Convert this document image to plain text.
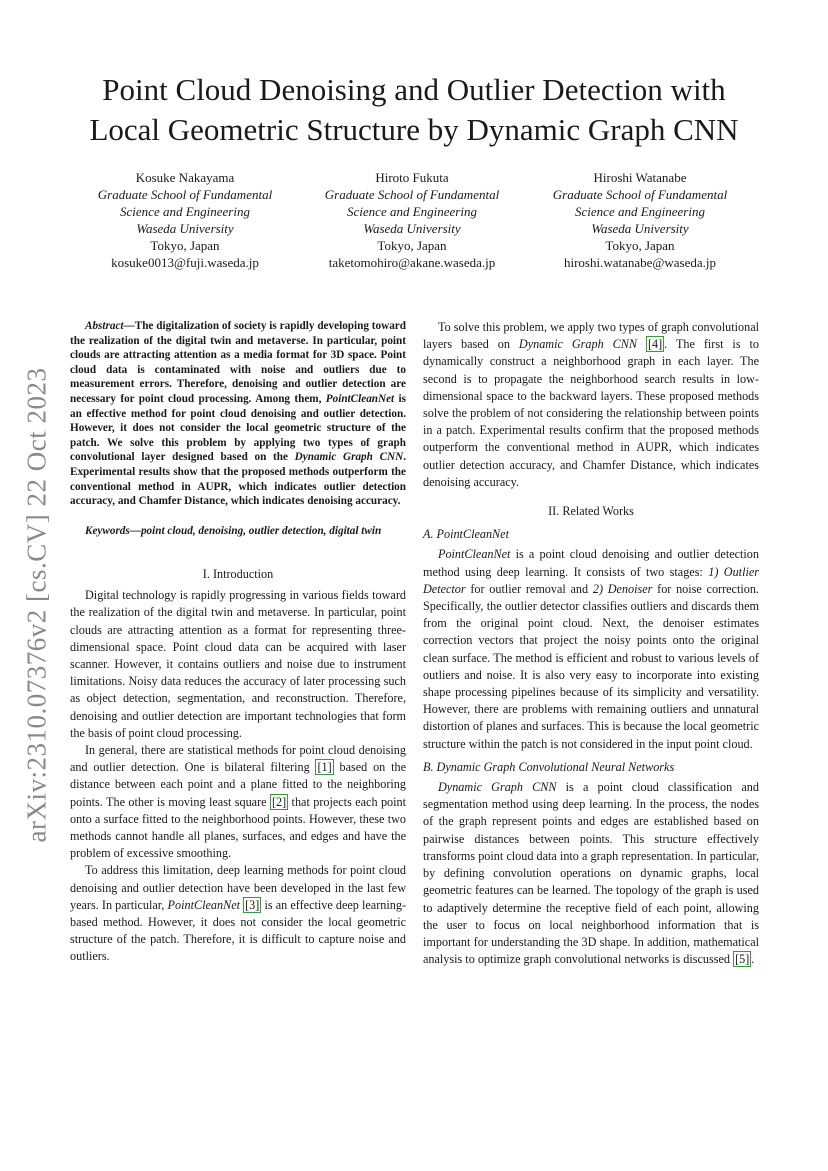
Point Cloud Denoising and Outlier Detection with
Local Geometric Structure by Dynamic Graph CNN
Kosuke Nakayama
Graduate School of Fundamental
Science and Engineering
Waseda University
Tokyo, Japan
kosuke0013@fuji.waseda.jp
Hiroto Fukuta
Graduate School of Fundamental
Science and Engineering
Waseda University
Tokyo, Japan
taketomohiro@akane.waseda.jp
Hiroshi Watanabe
Graduate School of Fundamental
Science and Engineering
Waseda University
Tokyo, Japan
hiroshi.watanabe@waseda.jp
arXiv:2310.07376v2 [cs.CV] 22 Oct 2023

Abstract—The digitalization of society is rapidly developing toward the realization of the digital twin and metaverse. In particular, point clouds are attracting attention as a media format for 3D space. Point cloud data is contaminated with noise and outliers due to measurement errors. Therefore, denoising and outlier detection are necessary for point cloud processing. Among them, PointCleanNet is an effective method for point cloud denoising and outlier detection. However, it does not consider the local geometric structure of the patch. We solve this problem by applying two types of graph convolutional layer designed based on the Dynamic Graph CNN. Experimental results show that the proposed methods outperform the conventional method in AUPR, which indicates outlier detection accuracy, and Chamfer Distance, which indicates denoising accuracy.

Keywords—point cloud, denoising, outlier detection, digital twin

I. Introduction

Digital technology is rapidly progressing in various fields toward the realization of the digital twin and metaverse. In particular, point clouds are attracting attention as a format for representing three-dimensional space. Point cloud data can be acquired with laser scanner. However, it contains outliers and noise due to instrument limitations. Noisy data reduces the accuracy of later processing such as object detection, segmentation, and reconstruction. Therefore, denoising and outlier detection are important technologies that form the basis of point cloud processing.

In general, there are statistical methods for point cloud denoising and outlier detection. One is bilateral filtering [1] based on the distance between each point and a plane fitted to the neighboring points. The other is moving least square [2] that projects each point onto a surface fitted to the neighborhood points. However, these two methods cannot handle all planes, surfaces, and edges and have the problem of excessive smoothing.

To address this limitation, deep learning methods for point cloud denoising and outlier detection have been developed in the last few years. In particular, PointCleanNet [3] is an effective deep learning-based method. However, it does not consider the local geometric structure of the patch. Therefore, it is difficult to capture noise and outliers.

To solve this problem, we apply two types of graph convolutional layers based on Dynamic Graph CNN [4] . The first is to dynamically construct a neighborhood graph in each layer. The second is to propagate the neighborhood search results in low-dimensional space to the backward layers. These proposed methods solve the problem of not considering the relationship between points in a patch. Experimental results confirm that the proposed methods outperform the conventional method in AUPR, which indicates outlier detection accuracy, and Chamfer Distance, which indicates denoising accuracy.

II. Related Works

A. PointCleanNet

PointCleanNet is a point cloud denoising and outlier detection method using deep learning. It consists of two stages: 1) Outlier Detector for outlier removal and 2) Denoiser for noise correction. Specifically, the outlier detector classifies outliers and discards them from the original point cloud. Next, the denoiser estimates correction vectors that project the noisy points onto the original clean surface. The method is efficient and robust to various levels of outliers and noise. It is also very easy to incorporate into existing shape processing pipelines because of its simplicity and versatility. However, there are problems with remaining outliers and unnatural distortion of planes and surfaces. This is because the local geometric structure within the patch is not considered in the input point cloud.

B. Dynamic Graph Convolutional Neural Networks

Dynamic Graph CNN is a point cloud classification and segmentation method using deep learning. In the process, the nodes of the graph represent points and edges are established based on pairwise distances between points. This structure effectively transforms point cloud data into a graph representation. In particular, by defining convolution operations on dynamic graphs, local geometric features can be learned. The topology of the graph is used to adaptively determine the receptive field of each point, allowing the user to focus on local neighborhood information that is important for understanding the 3D shape. In addition, mathematical analysis to optimize graph convolutional networks is discussed [5] .
